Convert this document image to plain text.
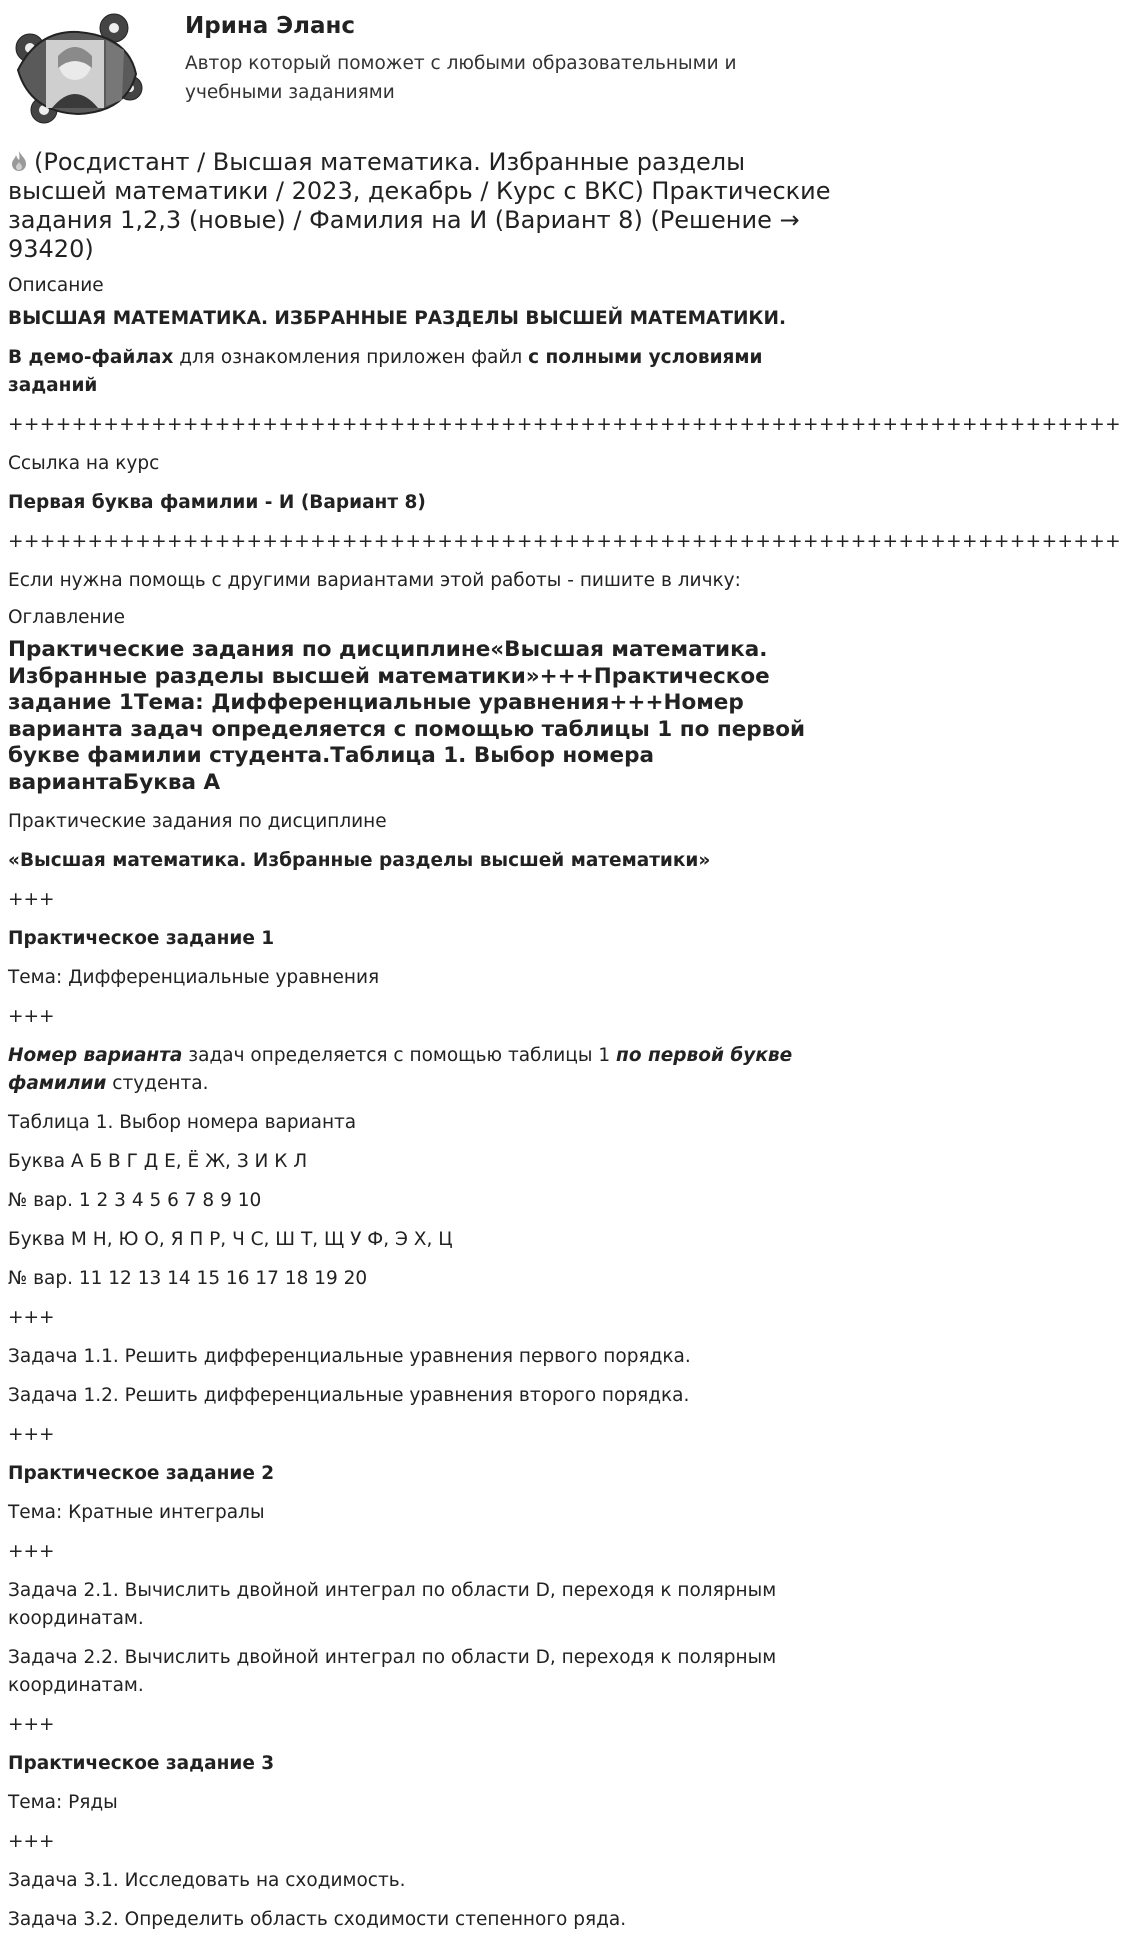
Ирина Эланс
Автор который поможет с любыми образовательными и учебными заданиями
(Росдистант / Высшая математика. Избранные разделы высшей математики / 2023, декабрь / Курс с ВКС) Практические задания 1,2,3 (новые) / Фамилия на И (Вариант 8) (Решение → 93420)
Описание

ВЫСШАЯ МАТЕМАТИКА. ИЗБРАННЫЕ РАЗДЕЛЫ ВЫСШЕЙ МАТЕМАТИКИ.

В демо-файлах для ознакомления приложен файл с полными условиями заданий

++++++++++++++++++++++++++++++++++++++++++++++++++++++++++++++++++++++

Ссылка на курс

Первая буква фамилии - И (Вариант 8)

++++++++++++++++++++++++++++++++++++++++++++++++++++++++++++++++++++++

Если нужна помощь с другими вариантами этой работы - пишите в личку:

Оглавление
Практические задания по дисциплине«Высшая математика. Избранные разделы высшей математики»+++Практическое задание 1Тема: Дифференциальные уравнения+++Номер варианта задач определяется с помощью таблицы 1 по первой букве фамилии студента.Таблица 1. Выбор номера вариантаБуква А

Практические задания по дисциплине

«Высшая математика. Избранные разделы высшей математики»

+++

Практическое задание 1

Тема: Дифференциальные уравнения

+++

Номер варианта задач определяется с помощью таблицы 1 по первой букве фамилии студента.

Таблица 1. Выбор номера варианта

Буква А Б В Г Д Е, Ё Ж, З И К Л

№ вар. 1 2 3 4 5 6 7 8 9 10

Буква М Н, Ю О, Я П Р, Ч С, Ш Т, Щ У Ф, Э Х, Ц

№ вар. 11 12 13 14 15 16 17 18 19 20

+++

Задача 1.1. Решить дифференциальные уравнения первого порядка.

Задача 1.2. Решить дифференциальные уравнения второго порядка.

+++

Практическое задание 2

Тема: Кратные интегралы

+++

Задача 2.1. Вычислить двойной интеграл по области D, переходя к полярным координатам.

Задача 2.2. Вычислить двойной интеграл по области D, переходя к полярным координатам.

+++

Практическое задание 3

Тема: Ряды

+++

Задача 3.1. Исследовать на сходимость.

Задача 3.2. Определить область сходимости степенного ряда.
